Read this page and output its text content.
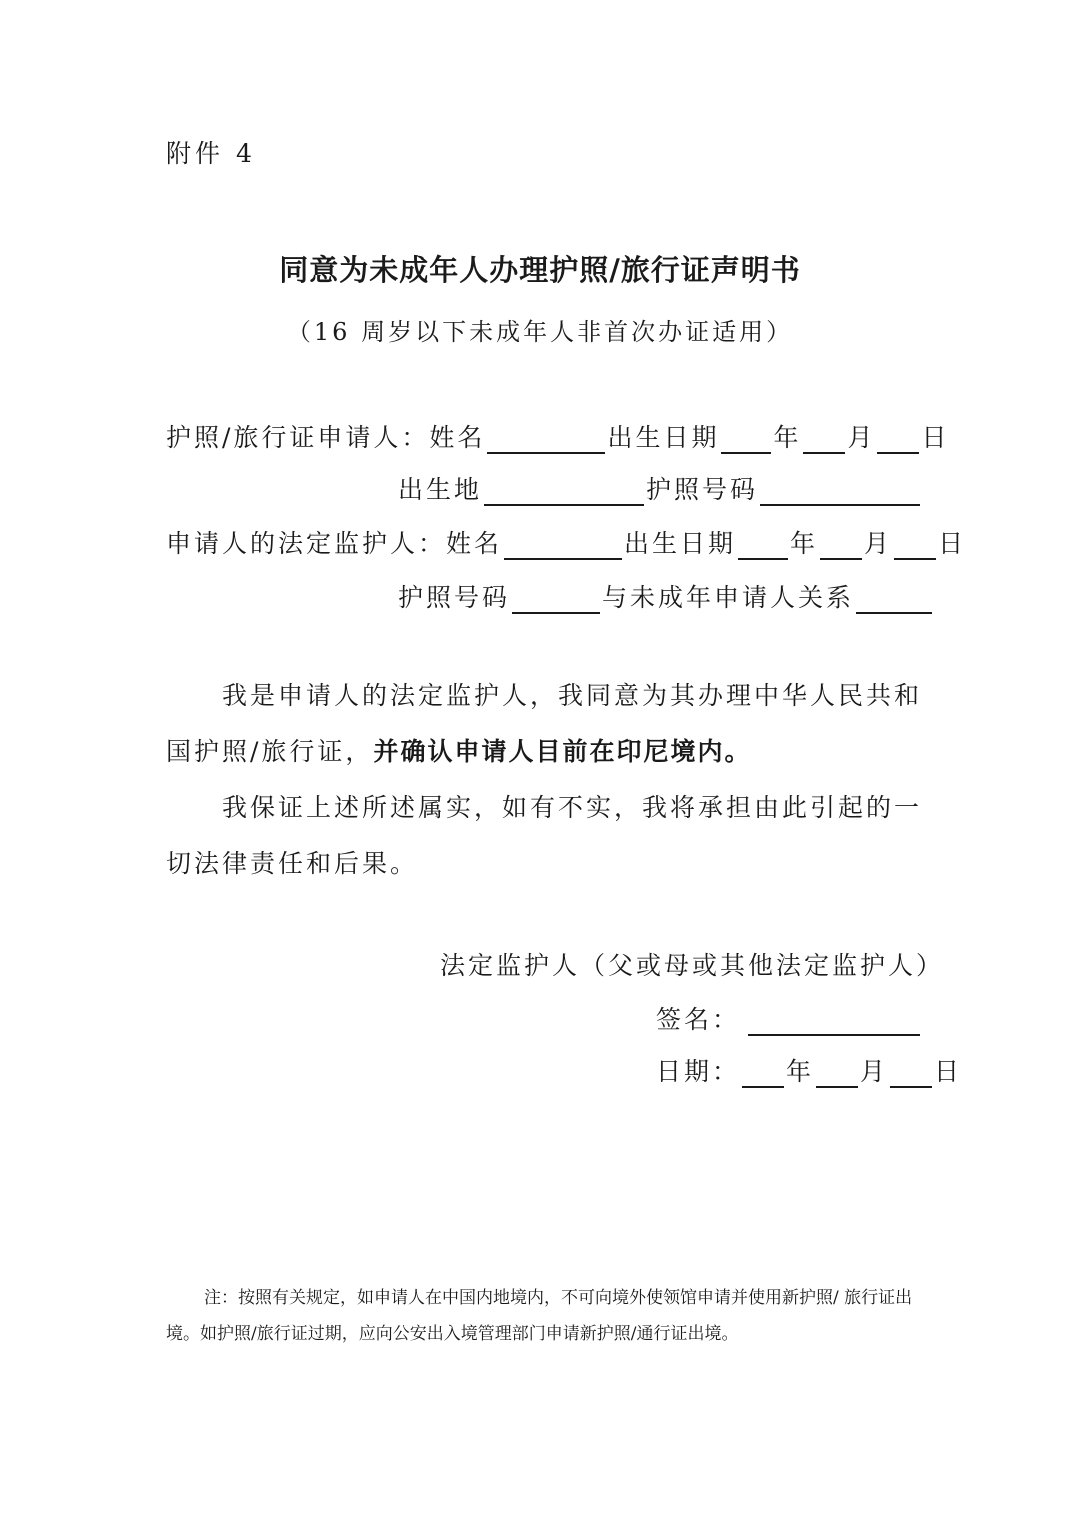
附件 4
同意为未成年人办理护照/旅行证声明书
（16 周岁以下未成年人非首次办证适用）
护照/旅行证申请人：姓名	出生日期 年 月 日
出生地	护照号码
申请人的法定监护人：姓名	出生日期 年 月 日
护照号码	与未成年申请人关系
我是申请人的法定监护人，我同意为其办理中华人民共和国护照/旅行证，并确认申请人目前在印尼境内。
我保证上述所述属实，如有不实，我将承担由此引起的一切法律责任和后果。
法定监护人（父或母或其他法定监护人）
签名：
日期： 年 月 日
注：按照有关规定，如申请人在中国内地境内，不可向境外使领馆申请并使用新护照/ 旅行证出境。如护照/旅行证过期，应向公安出入境管理部门申请新护照/通行证出境。
